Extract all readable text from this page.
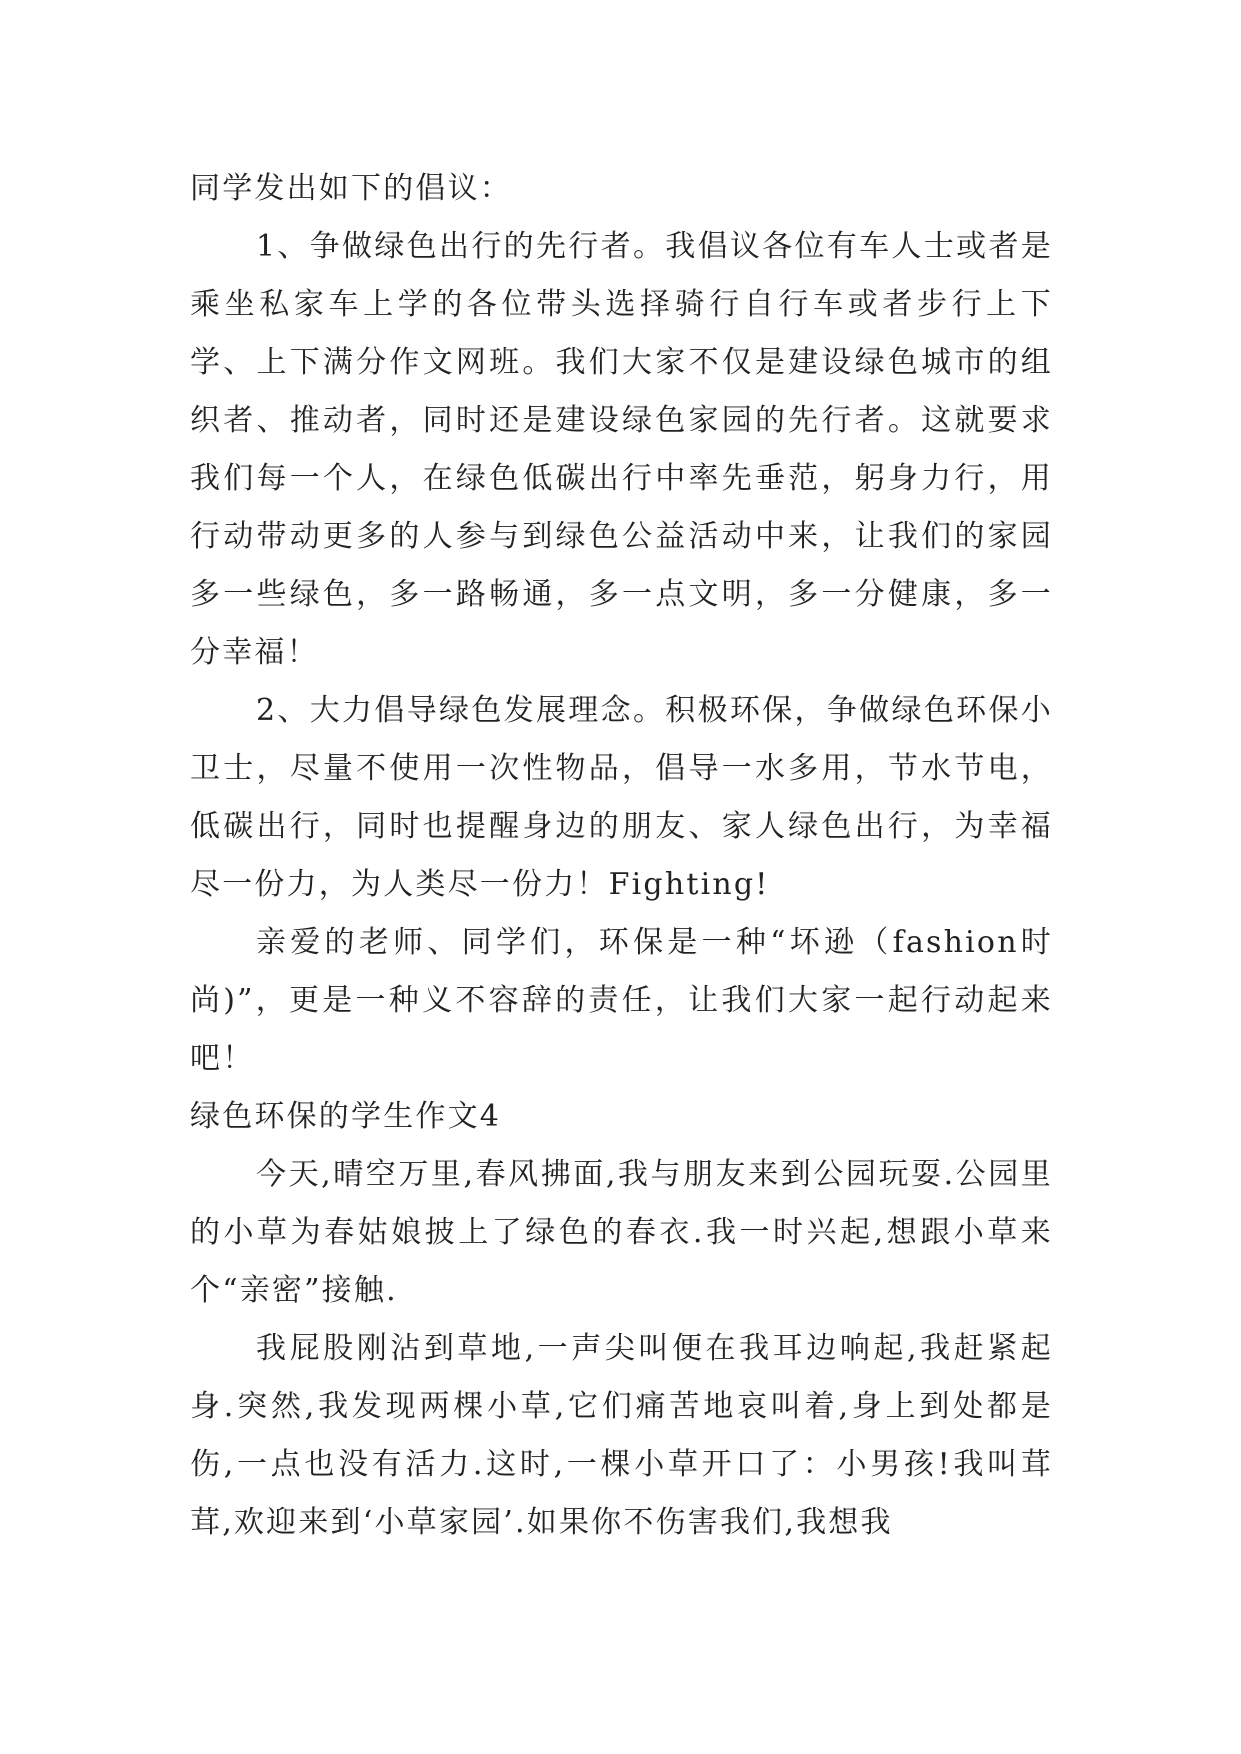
同学发出如下的倡议：

1、争做绿色出行的先行者。我倡议各位有车人士或者是乘坐私家车上学的各位带头选择骑行自行车或者步行上下学、上下满分作文网班。我们大家不仅是建设绿色城市的组织者、推动者，同时还是建设绿色家园的先行者。这就要求我们每一个人，在绿色低碳出行中率先垂范，躬身力行，用行动带动更多的人参与到绿色公益活动中来，让我们的家园多一些绿色，多一路畅通，多一点文明，多一分健康，多一分幸福！

2、大力倡导绿色发展理念。积极环保，争做绿色环保小卫士，尽量不使用一次性物品，倡导一水多用，节水节电，低碳出行，同时也提醒身边的朋友、家人绿色出行，为幸福尽一份力，为人类尽一份力！Fighting!

亲爱的老师、同学们，环保是一种“坏逊（fashion时尚)”，更是一种义不容辞的责任，让我们大家一起行动起来吧！

绿色环保的学生作文4

今天,晴空万里,春风拂面,我与朋友来到公园玩耍.公园里的小草为春姑娘披上了绿色的春衣.我一时兴起,想跟小草来个“亲密”接触.

我屁股刚沾到草地,一声尖叫便在我耳边响起,我赶紧起身.突然,我发现两棵小草,它们痛苦地哀叫着,身上到处都是伤,一点也没有活力.这时,一棵小草开口了：小男孩!我叫茸茸,欢迎来到‘小草家园’.如果你不伤害我们,我想我
